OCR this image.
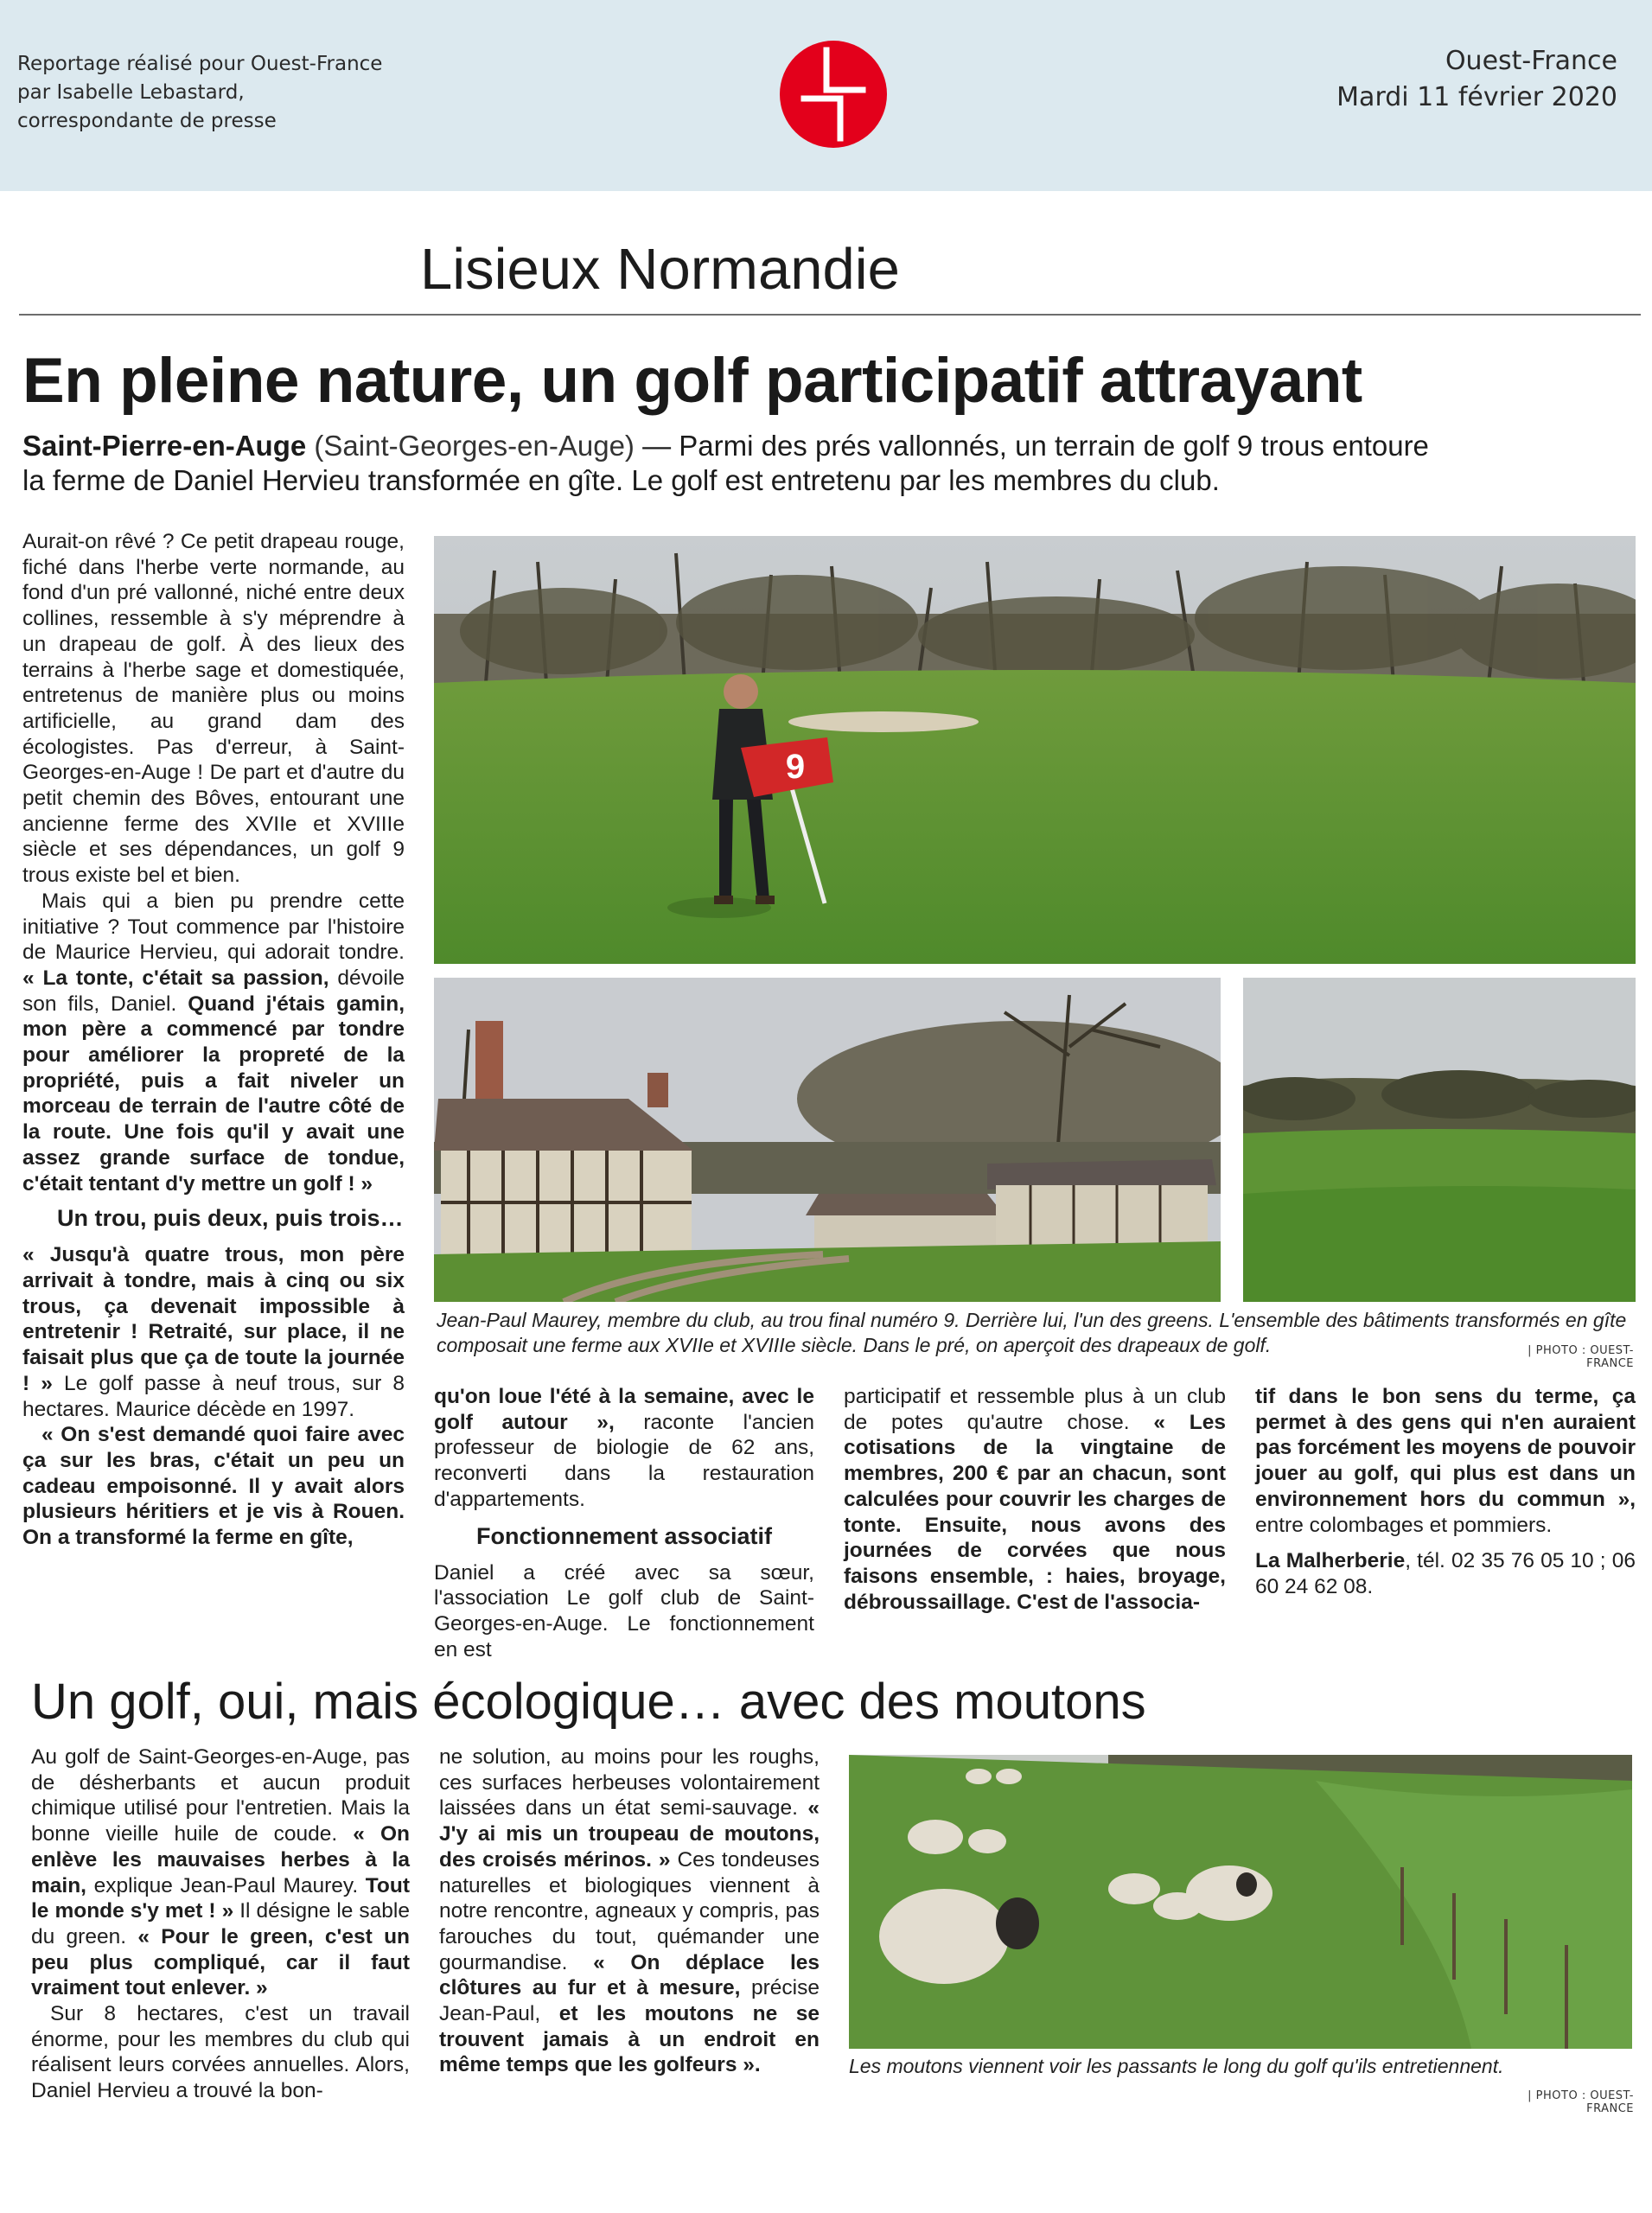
Reportage réalisé pour Ouest-France
par Isabelle Lebastard,
correspondante de presse
Ouest-France
Mardi 11 février 2020
Lisieux Normandie
En pleine nature, un golf participatif attrayant
Saint-Pierre-en-Auge (Saint-Georges-en-Auge) — Parmi des prés vallonnés, un terrain de golf 9 trous entoure la ferme de Daniel Hervieu transformée en gîte. Le golf est entretenu par les membres du club.

Aurait-on rêvé ? Ce petit drapeau rouge, fiché dans l'herbe verte normande, au fond d'un pré vallonné, niché entre deux collines, ressemble à s'y méprendre à un drapeau de golf. À des lieux des terrains à l'herbe sage et domestiquée, entretenus de manière plus ou moins artificielle, au grand dam des écologistes. Pas d'erreur, à Saint-Georges-en-Auge ! De part et d'autre du petit chemin des Bôves, entourant une ancienne ferme des XVIIe et XVIIIe siècle et ses dépendances, un golf 9 trous existe bel et bien.

Mais qui a bien pu prendre cette initiative ? Tout commence par l'histoire de Maurice Hervieu, qui adorait tondre. « La tonte, c'était sa passion, dévoile son fils, Daniel. Quand j'étais gamin, mon père a commencé par tondre pour améliorer la propreté de la propriété, puis a fait niveler un morceau de terrain de l'autre côté de la route. Une fois qu'il y avait une assez grande surface de tondue, c'était tentant d'y mettre un golf ! »

Un trou, puis deux, puis trois…

« Jusqu'à quatre trous, mon père arrivait à tondre, mais à cinq ou six trous, ça devenait impossible à entretenir ! Retraité, sur place, il ne faisait plus que ça de toute la journée ! » Le golf passe à neuf trous, sur 8 hectares. Maurice décède en 1997.

« On s'est demandé quoi faire avec ça sur les bras, c'était un peu un cadeau empoisonné. Il y avait alors plusieurs héritiers et je vis à Rouen. On a transformé la ferme en gîte,

9
Jean-Paul Maurey, membre du club, au trou final numéro 9. Derrière lui, l'un des greens. L'ensemble des bâtiments transformés en gîte composait une ferme aux XVIIe et XVIIIe siècle. Dans le pré, on aperçoit des drapeaux de golf.	| PHOTO : OUEST-FRANCE

qu'on loue l'été à la semaine, avec le golf autour », raconte l'ancien professeur de biologie de 62 ans, reconverti dans la restauration d'appartements.

Fonctionnement associatif

Daniel a créé avec sa sœur, l'association Le golf club de Saint-Georges-en-Auge. Le fonctionnement en est

participatif et ressemble plus à un club de potes qu'autre chose. « Les cotisations de la vingtaine de membres, 200 € par an chacun, sont calculées pour couvrir les charges de tonte. Ensuite, nous avons des journées de corvées que nous faisons ensemble, : haies, broyage, débroussaillage. C'est de l'associa-

tif dans le bon sens du terme, ça permet à des gens qui n'en auraient pas forcément les moyens de pouvoir jouer au golf, qui plus est dans un environnement hors du commun », entre colombages et pommiers.

La Malherberie, tél. 02 35 76 05 10 ; 06 60 24 62 08.

Un golf, oui, mais écologique… avec des moutons

Au golf de Saint-Georges-en-Auge, pas de désherbants et aucun produit chimique utilisé pour l'entretien. Mais la bonne vieille huile de coude. « On enlève les mauvaises herbes à la main, explique Jean-Paul Maurey. Tout le monde s'y met ! » Il désigne le sable du green. « Pour le green, c'est un peu plus compliqué, car il faut vraiment tout enlever. »

Sur 8 hectares, c'est un travail énorme, pour les membres du club qui réalisent leurs corvées annuelles. Alors, Daniel Hervieu a trouvé la bon-

ne solution, au moins pour les roughs, ces surfaces herbeuses volontairement laissées dans un état semi-sauvage. « J'y ai mis un troupeau de moutons, des croisés mérinos. » Ces tondeuses naturelles et biologiques viennent à notre rencontre, agneaux y compris, pas farouches du tout, quémander une gourmandise. « On déplace les clôtures au fur et à mesure, précise Jean-Paul, et les moutons ne se trouvent jamais à un endroit en même temps que les golfeurs ».	Les moutons viennent voir les passants le long du golf qu'ils entretiennent.
| PHOTO : OUEST-FRANCE
